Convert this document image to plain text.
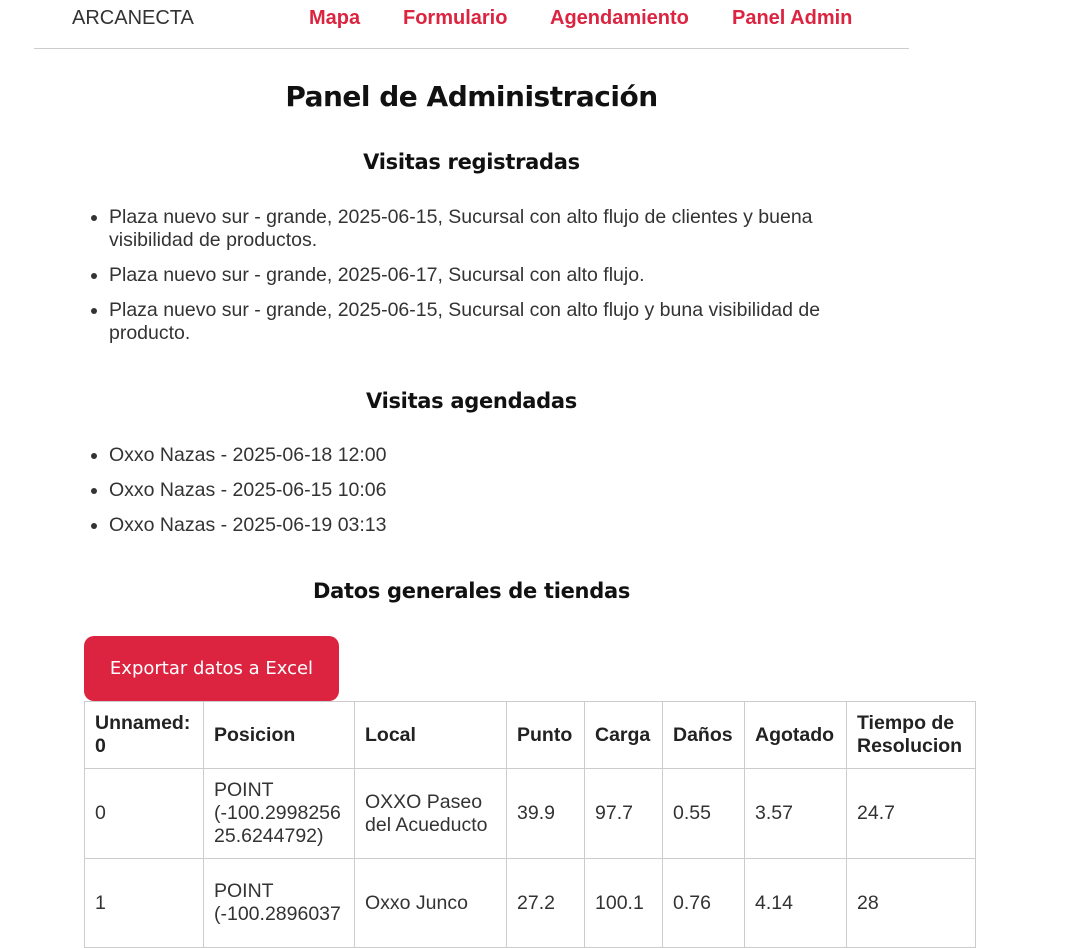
ARCANECTA	Mapa Formulario Agendamiento Panel Admin
Panel de Administración
Visitas registradas
• Plaza nuevo sur - grande, 2025-06-15, Sucursal con alto flujo de clientes y buena visibilidad de productos.
• Plaza nuevo sur - grande, 2025-06-17, Sucursal con alto flujo.
• Plaza nuevo sur - grande, 2025-06-15, Sucursal con alto flujo y buna visibilidad de producto.
Visitas agendadas
• Oxxo Nazas - 2025-06-18 12:00
• Oxxo Nazas - 2025-06-15 10:06
• Oxxo Nazas - 2025-06-19 03:13
Datos generales de tiendas
Exportar datos a Excel
Unnamed: 0	Posicion	Local	Punto	Carga	Daños	Agotado	Tiempo de Resolucion
0	POINT (-100.2998256 25.6244792)	OXXO Paseo del Acueducto	39.9	97.7	0.55	3.57	24.7
1	POINT (-100.2896037	Oxxo Junco	27.2	100.1	0.76	4.14	28
